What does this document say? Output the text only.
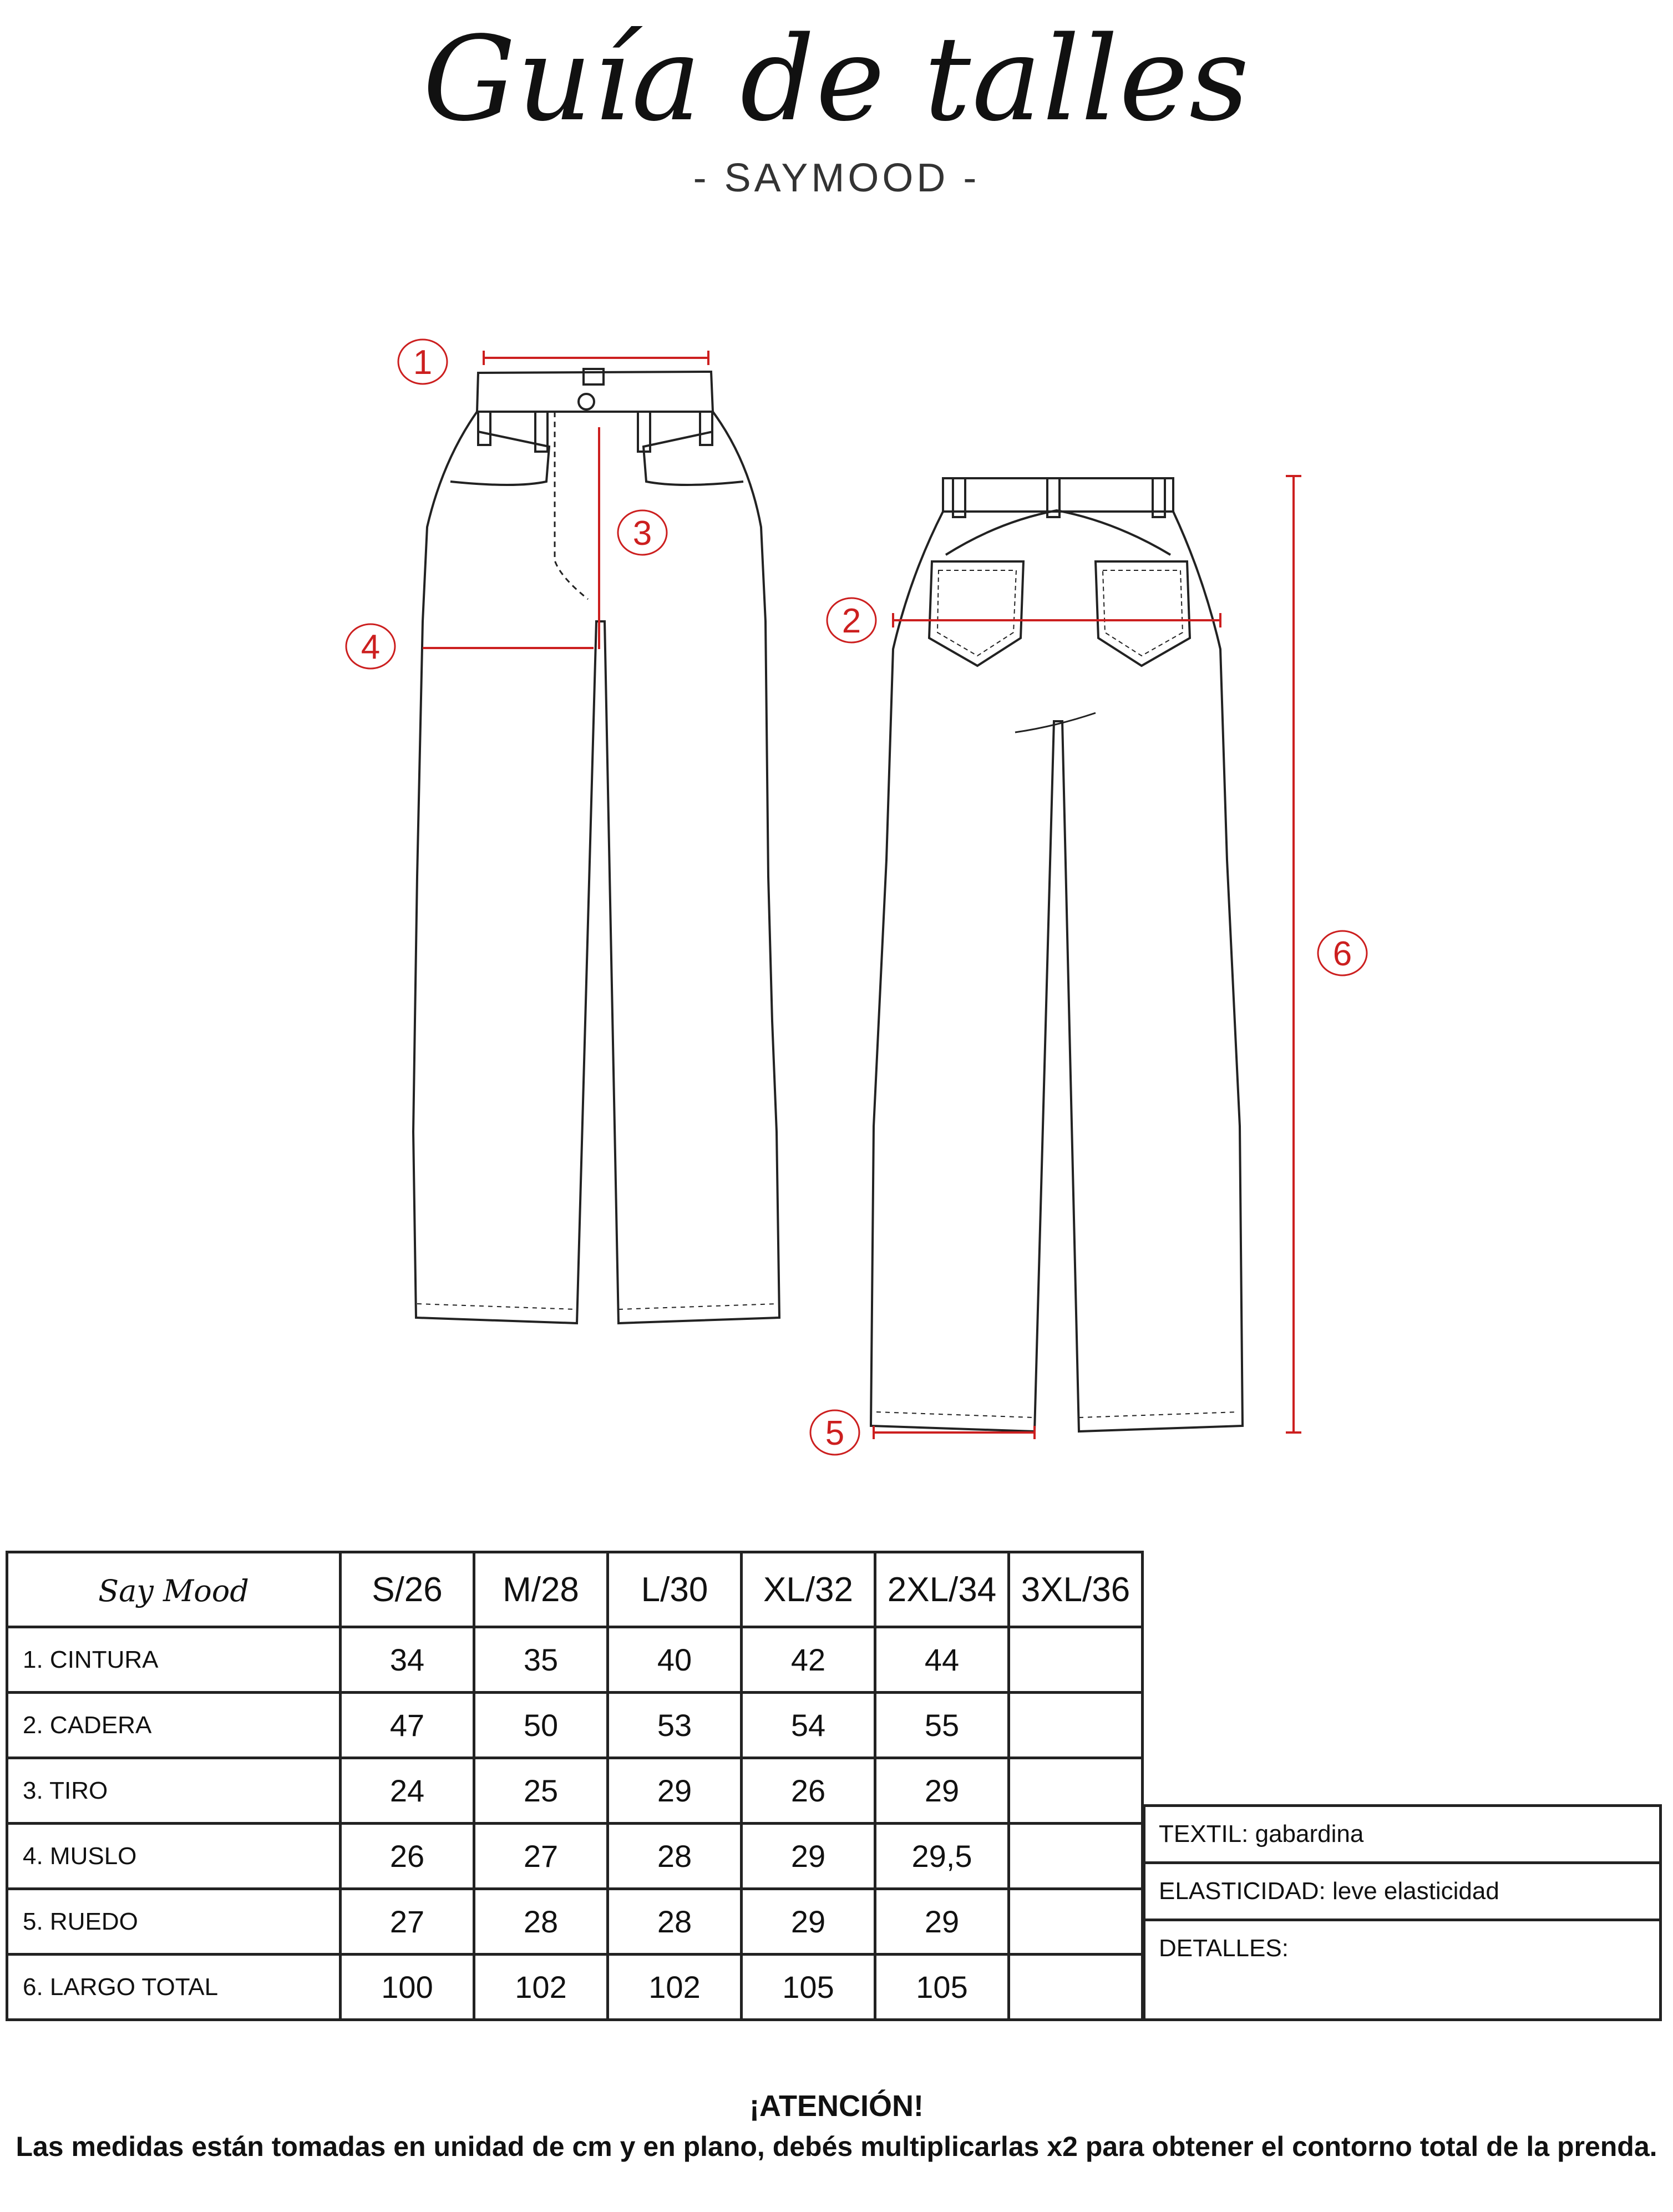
Guía de talles
- SAYMOOD -
1
2
3
4
5
6
Say Mood	S/26	M/28	L/30	XL/32	2XL/34	3XL/36
1. CINTURA	34	35	40	42	44	
2. CADERA	47	50	53	54	55	
3. TIRO	24	25	29	26	29	
4. MUSLO	26	27	28	29	29,5	
5. RUEDO	27	28	28	29	29	
6. LARGO TOTAL	100	102	102	105	105	
TEXTIL: gabardina
ELASTICIDAD: leve elasticidad
DETALLES:
¡ATENCIÓN!
Las medidas están tomadas en unidad de cm y en plano, debés multiplicarlas x2 para obtener el contorno total de la prenda.
